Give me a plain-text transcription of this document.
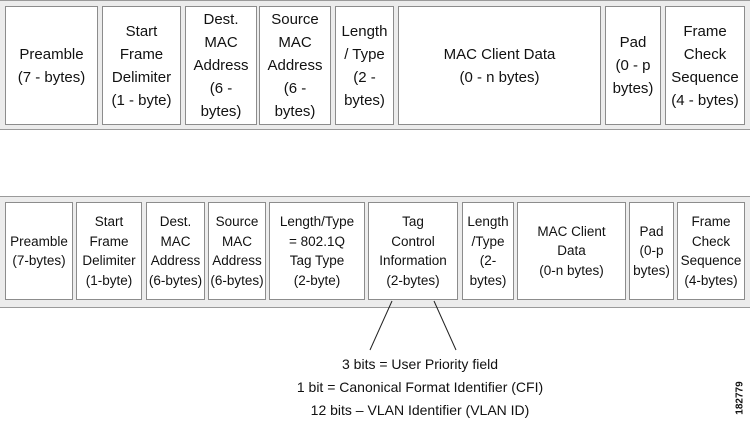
Preamble
(7 - bytes)
Start
Frame
Delimiter
(1 - byte)
Dest.
MAC
Address
(6 -
bytes)
Source
MAC
Address
(6 -
bytes)
Length
/ Type
(2 -
bytes)
MAC Client Data
(0 - n bytes)
Pad
(0 - p
bytes)
Frame
Check
Sequence
(4 - bytes)
Preamble
(7-bytes)
Start
Frame
Delimiter
(1-byte)
Dest.
MAC
Address
(6-bytes)
Source
MAC
Address
(6-bytes)
Length/Type
= 802.1Q
Tag Type
(2-byte)
Tag
Control
Information
(2-bytes)
Length
/Type
(2-
bytes)
MAC Client
Data
(0-n bytes)
Pad
(0-p
bytes)
Frame
Check
Sequence
(4-bytes)
3 bits = User Priority field
1 bit = Canonical Format Identifier (CFI)
12 bits – VLAN Identifier (VLAN ID)	182779
